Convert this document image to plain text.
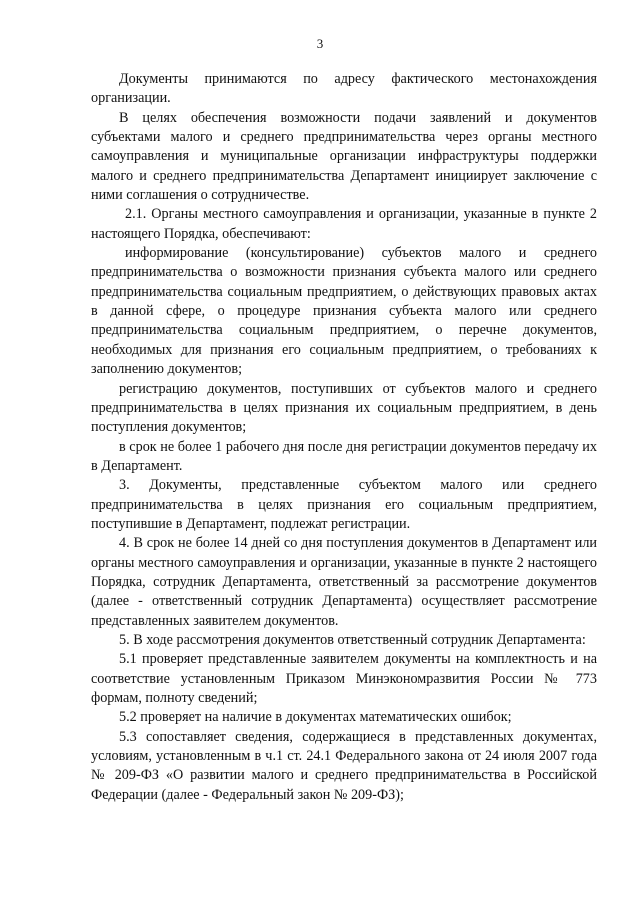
3

Документы принимаются по адресу фактического местонахождения организации.

В целях обеспечения возможности подачи заявлений и документов субъектами малого и среднего предпринимательства через органы местного самоуправления и муниципальные организации инфраструктуры поддержки малого и среднего предпринимательства Департамент инициирует заключение с ними соглашения о сотрудничестве.

2.1. Органы местного самоуправления и организации, указанные в пункте 2 настоящего Порядка, обеспечивают:

информирование (консультирование) субъектов малого и среднего предпринимательства о возможности признания субъекта малого или среднего предпринимательства социальным предприятием, о действующих правовых актах в данной сфере, о процедуре признания субъекта малого или среднего предпринимательства социальным предприятием, о перечне документов, необходимых для признания его социальным предприятием, о требованиях к заполнению документов;

регистрацию документов, поступивших от субъектов малого и среднего предпринимательства в целях признания их социальным предприятием, в день поступления документов;

в срок не более 1 рабочего дня после дня регистрации документов передачу их в Департамент.

3. Документы, представленные субъектом малого или среднего предпринимательства в целях признания его социальным предприятием, поступившие в Департамент, подлежат регистрации.

4. В срок не более 14 дней со дня поступления документов в Департамент или органы местного самоуправления и организации, указанные в пункте 2 настоящего Порядка, сотрудник Департамента, ответственный за рассмотрение документов (далее - ответственный сотрудник Департамента) осуществляет рассмотрение представленных заявителем документов.

5. В ходе рассмотрения документов ответственный сотрудник Департамента:

5.1 проверяет представленные заявителем документы на комплектность и на соответствие установленным Приказом Минэкономразвития России № 773 формам, полноту сведений;

5.2 проверяет на наличие в документах математических ошибок;

5.3 сопоставляет сведения, содержащиеся в представленных документах, условиям, установленным в ч.1 ст. 24.1 Федерального закона от 24 июля 2007 года № 209-ФЗ «О развитии малого и среднего предпринимательства в Российской Федерации (далее - Федеральный закон № 209-ФЗ);
